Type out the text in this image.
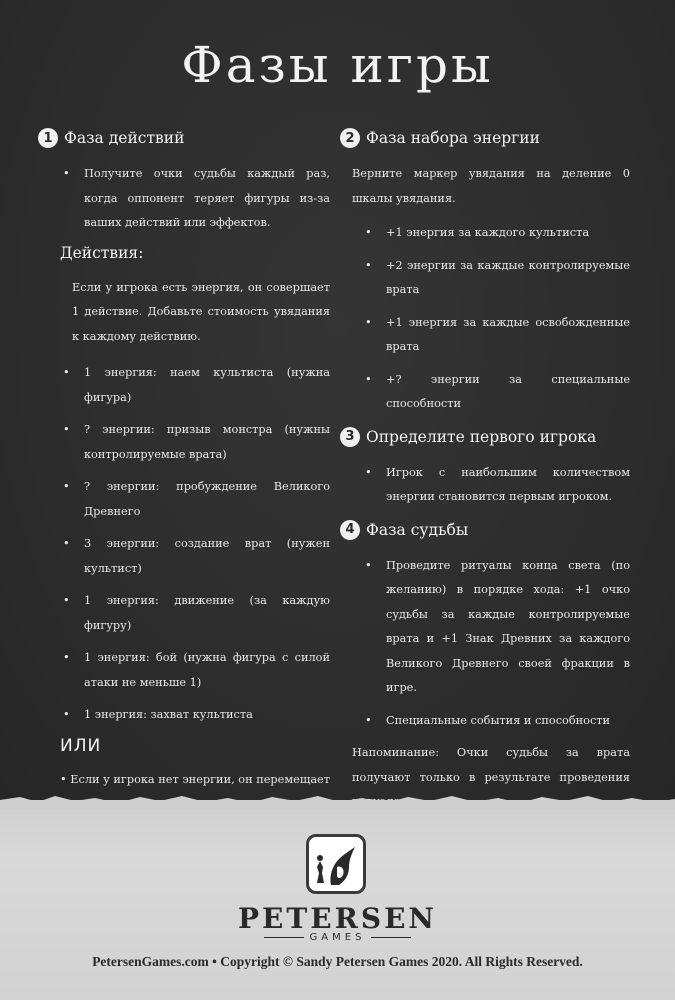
Фазы игры
1 Фаза действий
• Получите очки судьбы каждый раз, когда оппонент теряет фигуры из-за ваших действий или эффектов.
Действия:

Если у игрока есть энергия, он совершает 1 действие. Добавьте стоимость увядания к каждому действию.

• 1 энергия: наем культиста (нужна фигура)
• ? энергии: призыв монстра (нужны контролируемые врата)
• ? энергии: пробуждение Великого Древнего
• 3 энергии: создание врат (нужен культист)
• 1 энергия: движение (за каждую фигуру)
• 1 энергия: бой (нужна фигура с силой атаки не меньше 1)
• 1 энергия: захват культиста
ИЛИ

• Если у игрока нет энергии, он перемещает

2 Фаза набора энергии

Верните маркер увядания на деление 0 шкалы увядания.

• +1 энергия за каждого культиста
• +2 энергии за каждые контролируемые врата
• +1 энергия за каждые освобожденные врата
• +? энергии за специальные способности
3 Определите первого игрока
• Игрок с наибольшим количеством энергии становится первым игроком.
4 Фаза судьбы
• Проведите ритуалы конца света (по желанию) в порядке хода: +1 очко судьбы за каждые контролируемые врата и +1 Знак Древних за каждого Великого Древнего своей фракции в игре.
• Специальные события и способности

Напоминание: Очки судьбы за врата получают только в результате проведения

PETERSEN
GAMES
PetersenGames.com • Copyright © Sandy Petersen Games 2020. All Rights Reserved.
